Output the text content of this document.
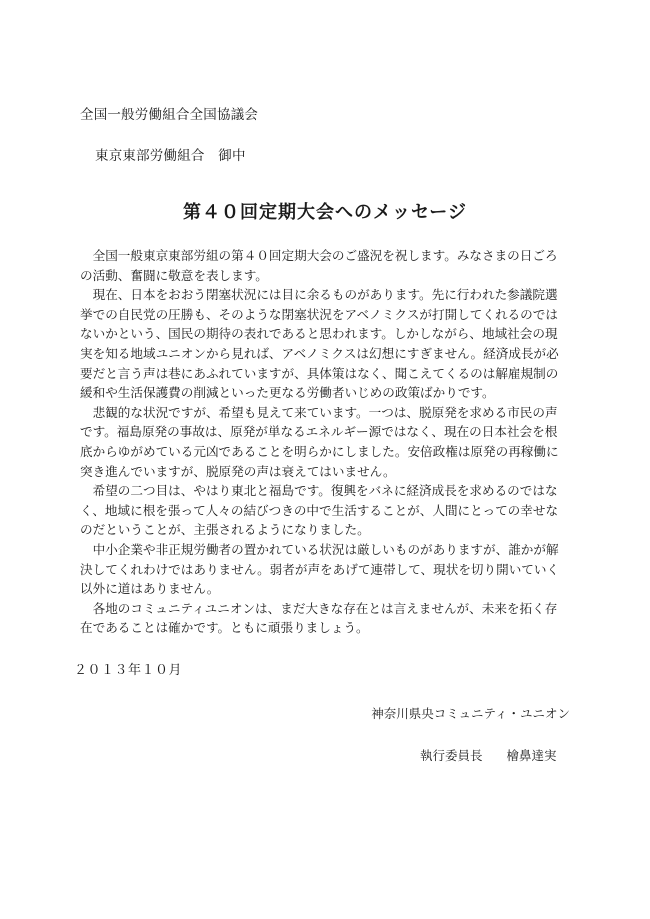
全国一般労働組合全国協議会
東京東部労働組合　御中
第４０回定期大会へのメッセージ
　全国一般東京東部労組の第４０回定期大会のご盛況を祝します。みなさまの日ごろ
の活動、奮闘に敬意を表します。
　現在、日本をおおう閉塞状況には目に余るものがあります。先に行われた参議院選
挙での自民党の圧勝も、そのような閉塞状況をアベノミクスが打開してくれるのでは
ないかという、国民の期待の表れであると思われます。しかしながら、地域社会の現
実を知る地域ユニオンから見れば、アベノミクスは幻想にすぎません。経済成長が必
要だと言う声は巷にあふれていますが、具体策はなく、聞こえてくるのは解雇規制の
緩和や生活保護費の削減といった更なる労働者いじめの政策ばかりです。
　悲観的な状況ですが、希望も見えて来ています。一つは、脱原発を求める市民の声
です。福島原発の事故は、原発が単なるエネルギー源ではなく、現在の日本社会を根
底からゆがめている元凶であることを明らかにしました。安倍政権は原発の再稼働に
突き進んでいますが、脱原発の声は衰えてはいません。
　希望の二つ目は、やはり東北と福島です。復興をバネに経済成長を求めるのではな
く、地域に根を張って人々の結びつきの中で生活することが、人間にとっての幸せな
のだということが、主張されるようになりました。
　中小企業や非正規労働者の置かれている状況は厳しいものがありますが、誰かが解
決してくれわけではありません。弱者が声をあげて連帯して、現状を切り開いていく
以外に道はありません。
　各地のコミュニティユニオンは、まだ大きな存在とは言えませんが、未来を拓く存
在であることは確かです。ともに頑張りましょう。
２０１３年１０月
神奈川県央コミュニティ・ユニオン
執行委員長 檜鼻達実
